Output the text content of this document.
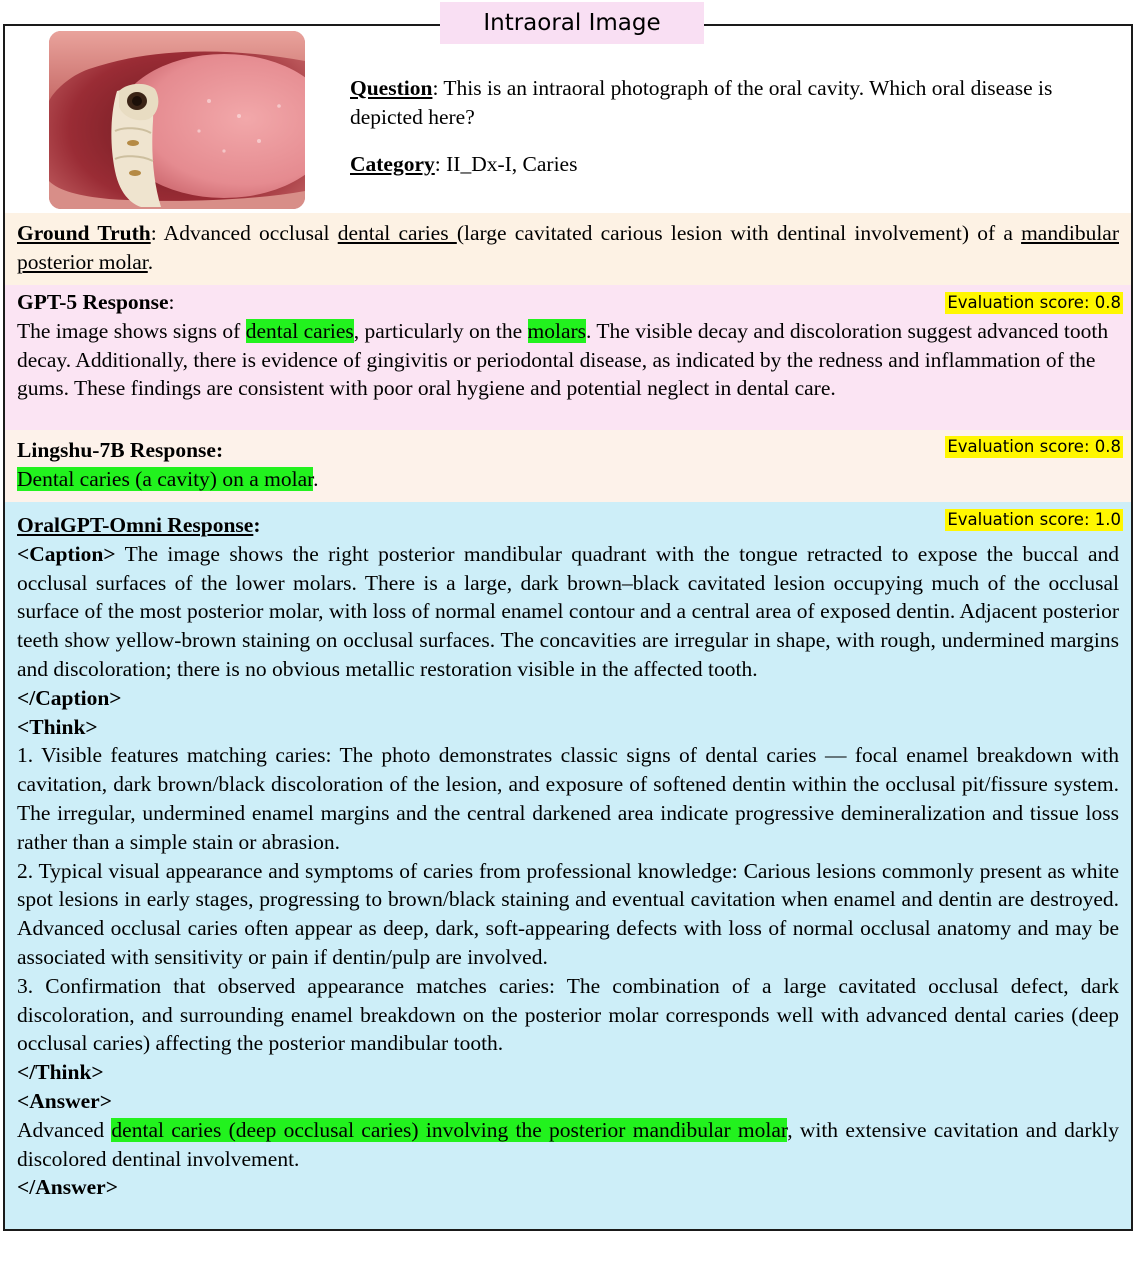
Intraoral Image
Question: This is an intraoral photograph of the oral cavity. Which oral disease is depicted here?
Category: II_Dx-I, Caries
Ground Truth: Advanced occlusal dental caries (large cavitated carious lesion with dentinal involvement) of a mandibular posterior molar.
Evaluation score: 0.8

GPT-5 Response:

The image shows signs of dental caries, particularly on the molars. The visible decay and discoloration suggest advanced tooth decay. Additionally, there is evidence of gingivitis or periodontal disease, as indicated by the redness and inflammation of the gums. These findings are consistent with poor oral hygiene and potential neglect in dental care.

Evaluation score: 0.8

Lingshu-7B Response:

Dental caries (a cavity) on a molar.

Evaluation score: 1.0

OralGPT-Omni Response:

<Caption> The image shows the right posterior mandibular quadrant with the tongue retracted to expose the buccal and occlusal surfaces of the lower molars. There is a large, dark brown–black cavitated lesion occupying much of the occlusal surface of the most posterior molar, with loss of normal enamel contour and a central area of exposed dentin. Adjacent posterior teeth show yellow-brown staining on occlusal surfaces. The concavities are irregular in shape, with rough, undermined margins and discoloration; there is no obvious metallic restoration visible in the affected tooth.

</Caption>

<Think>

1. Visible features matching caries: The photo demonstrates classic signs of dental caries — focal enamel breakdown with cavitation, dark brown/black discoloration of the lesion, and exposure of softened dentin within the occlusal pit/fissure system. The irregular, undermined enamel margins and the central darkened area indicate progressive demineralization and tissue loss rather than a simple stain or abrasion.

2. Typical visual appearance and symptoms of caries from professional knowledge: Carious lesions commonly present as white spot lesions in early stages, progressing to brown/black staining and eventual cavitation when enamel and dentin are destroyed. Advanced occlusal caries often appear as deep, dark, soft-appearing defects with loss of normal occlusal anatomy and may be associated with sensitivity or pain if dentin/pulp are involved.

3. Confirmation that observed appearance matches caries: The combination of a large cavitated occlusal defect, dark discoloration, and surrounding enamel breakdown on the posterior molar corresponds well with advanced dental caries (deep occlusal caries) affecting the posterior mandibular tooth.

</Think>

<Answer>

Advanced dental caries (deep occlusal caries) involving the posterior mandibular molar, with extensive cavitation and darkly discolored dentinal involvement.

</Answer>
